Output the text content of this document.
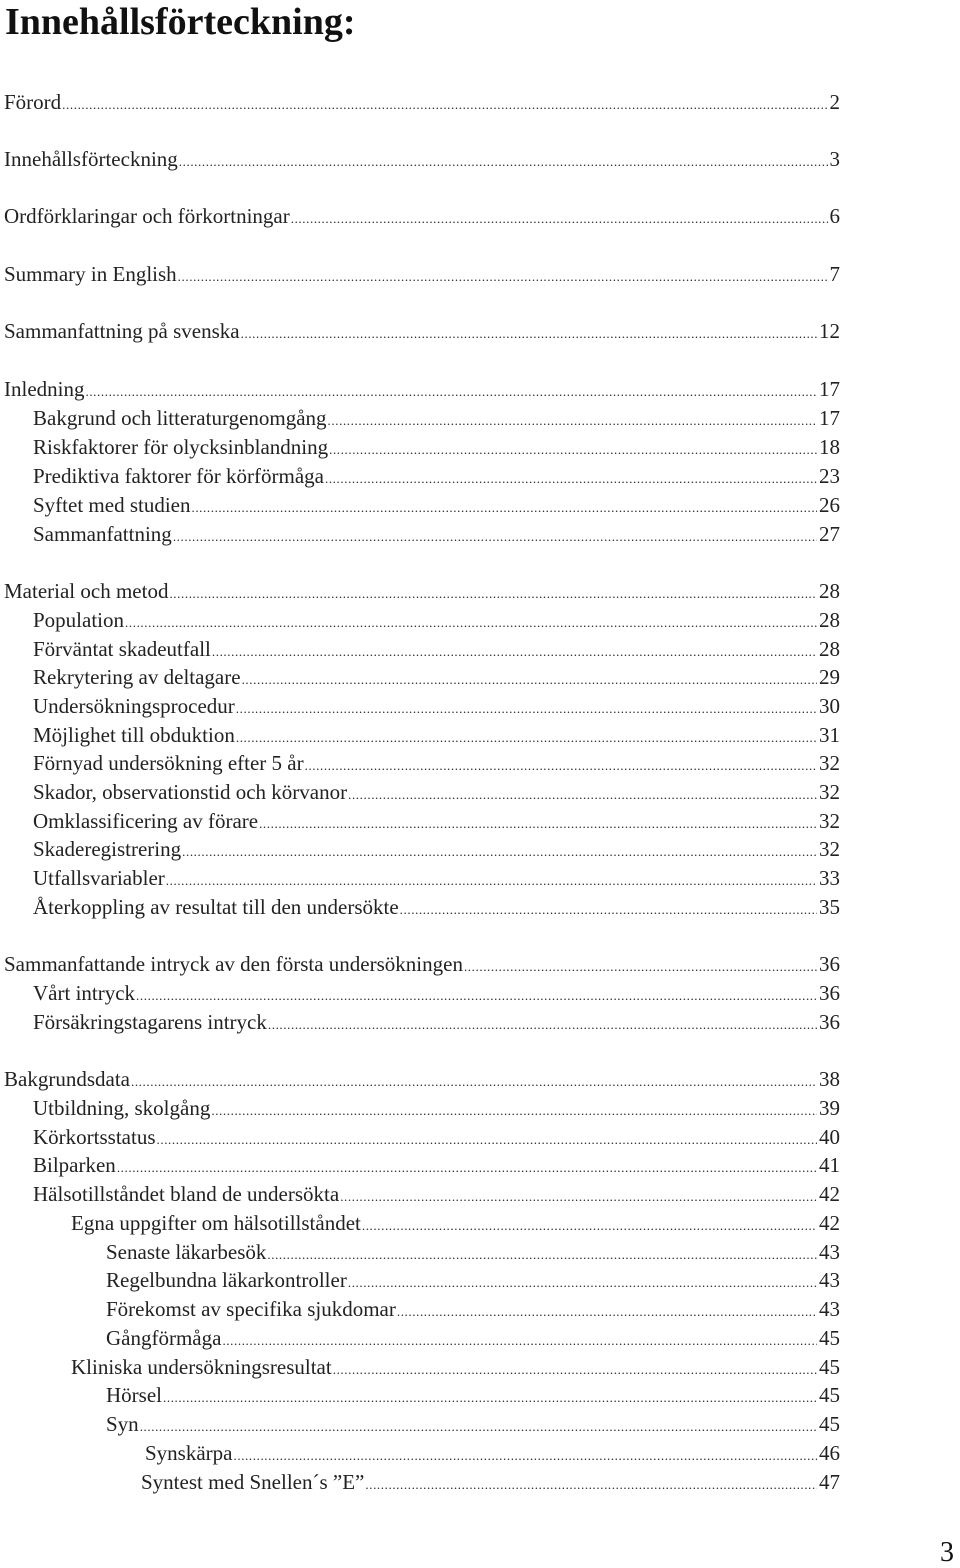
Innehållsförteckning:
Förord .....	2
Innehållsförteckning .....	3
Ordförklaringar och förkortningar .....	6
Summary in English .....	7
Sammanfattning på svenska .....	12
Inledning .....	17
Bakgrund och litteraturgenomgång .....	17
Riskfaktorer för olycksinblandning .....	18
Prediktiva faktorer för körförmåga .....	23
Syftet med studien .....	26
Sammanfattning .....	27
Material och metod .....	28
Population .....	28
Förväntat skadeutfall .....	28
Rekrytering av deltagare .....	29
Undersökningsprocedur .....	30
Möjlighet till obduktion .....	31
Förnyad undersökning efter 5 år .....	32
Skador, observationstid och körvanor .....	32
Omklassificering av förare .....	32
Skaderegistrering .....	32
Utfallsvariabler .....	33
Återkoppling av resultat till den undersökte .....	35
Sammanfattande intryck av den första undersökningen .....	36
Vårt intryck .....	36
Försäkringstagarens intryck .....	36
Bakgrundsdata .....	38
Utbildning, skolgång .....	39
Körkortsstatus .....	40
Bilparken .....	41
Hälsotillståndet bland de undersökta .....	42
Egna uppgifter om hälsotillståndet .....	42
Senaste läkarbesök .....	43
Regelbundna läkarkontroller .....	43
Förekomst av specifika sjukdomar .....	43
Gångförmåga .....	45
Kliniska undersökningsresultat .....	45
Hörsel .....	45
Syn .....	45
Synskärpa .....	46
Syntest med Snellen´s ”E” .....	47
3
